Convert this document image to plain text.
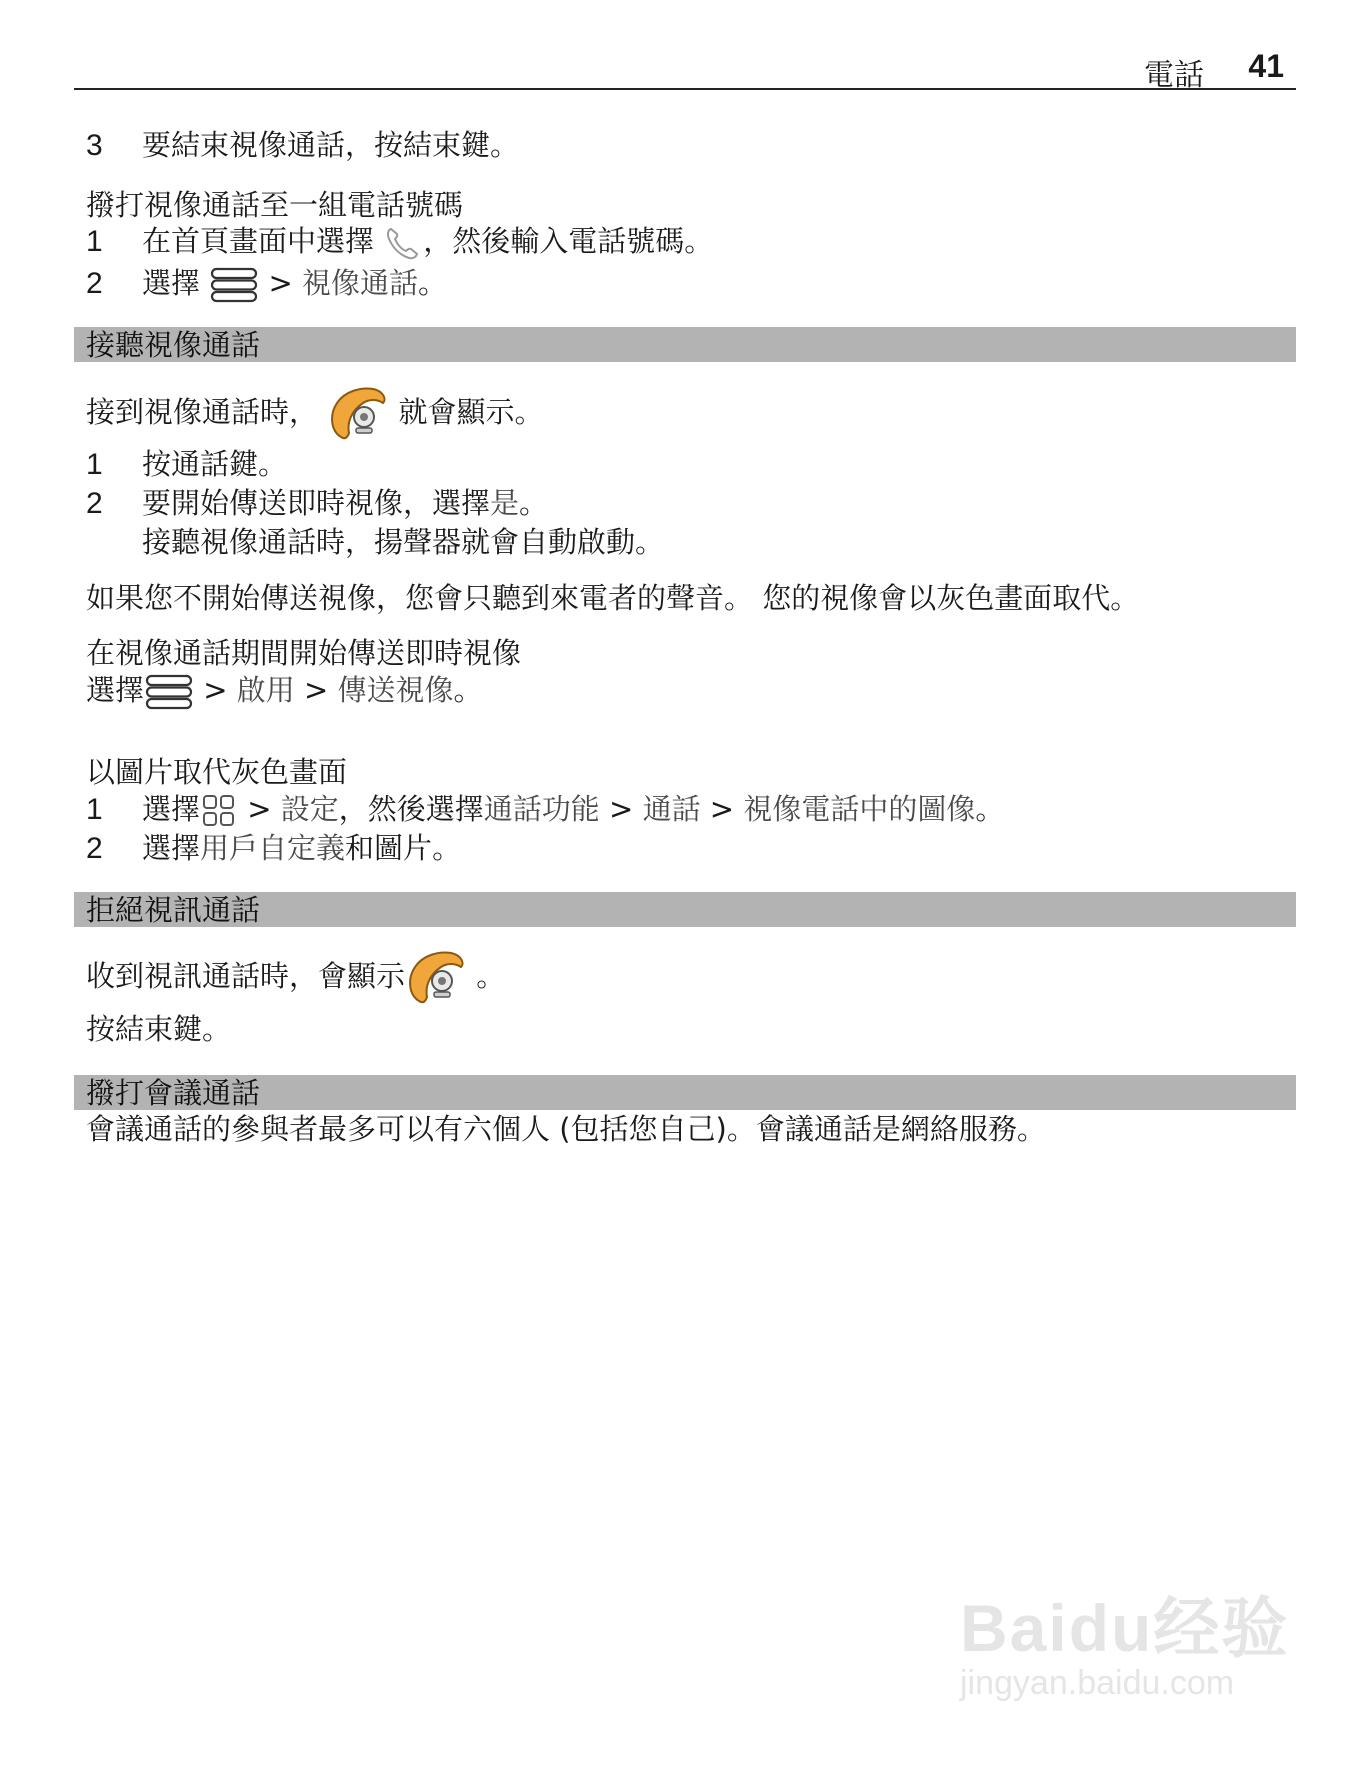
電話 41
3 要結束視像通話，按結束鍵。
撥打視像通話至一組電話號碼
1 在首頁畫面中選擇 ，然後輸入電話號碼。
2 選擇  > 視像通話。
接聽視像通話
接到視像通話時，  就會顯示。
1 按通話鍵。
2 要開始傳送即時視像，選擇是。
接聽視像通話時，揚聲器就會自動啟動。
如果您不開始傳送視像，您會只聽到來電者的聲音。 您的視像會以灰色畫面取代。
在視像通話期間開始傳送即時視像
選擇 > 啟用 > 傳送視像。
以圖片取代灰色畫面
1 選擇 > 設定，然後選擇通話功能 > 通話 > 視像電話中的圖像。
2 選擇用戶自定義和圖片。
拒絕視訊通話
收到視訊通話時，會顯示 。
按結束鍵。
撥打會議通話
會議通話的參與者最多可以有六個人 (包括您自己)。會議通話是網絡服務。
Baidu经验
jingyan.baidu.com
